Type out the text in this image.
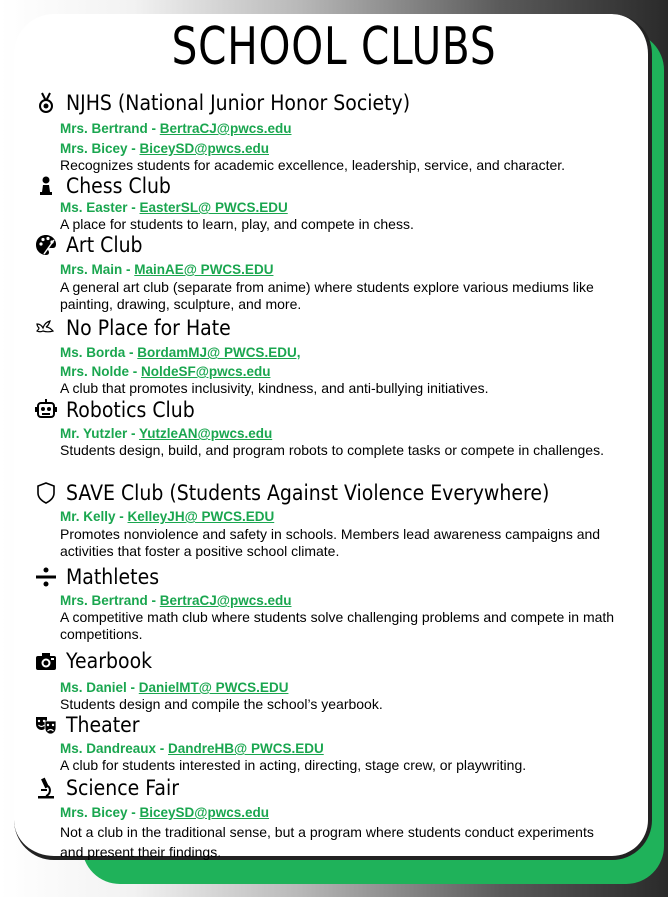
SCHOOL CLUBS
NJHS (National Junior Honor Society)
Mrs. Bertrand - BertraCJ@pwcs.edu
Mrs. Bicey - BiceySD@pwcs.edu
Recognizes students for academic excellence, leadership, service, and character.
Chess Club
Ms. Easter - EasterSL@ PWCS.EDU
A place for students to learn, play, and compete in chess.
Art Club
Mrs. Main - MainAE@ PWCS.EDU
A general art club (separate from anime) where students explore various mediums like painting, drawing, sculpture, and more.
No Place for Hate
Ms. Borda - BordamMJ@ PWCS.EDU,
Mrs. Nolde - NoldeSF@pwcs.edu
A club that promotes inclusivity, kindness, and anti-bullying initiatives.
Robotics Club
Mr. Yutzler - YutzleAN@pwcs.edu
Students design, build, and program robots to complete tasks or compete in challenges.
SAVE Club (Students Against Violence Everywhere)
Mr. Kelly - KelleyJH@ PWCS.EDU
Promotes nonviolence and safety in schools. Members lead awareness campaigns and activities that foster a positive school climate.
Mathletes
Mrs. Bertrand - BertraCJ@pwcs.edu
A competitive math club where students solve challenging problems and compete in math competitions.
Yearbook
Ms. Daniel - DanielMT@ PWCS.EDU
Students design and compile the school’s yearbook.
Theater
Ms. Dandreaux - DandreHB@ PWCS.EDU
A club for students interested in acting, directing, stage crew, or playwriting.
Science Fair
Mrs. Bicey - BiceySD@pwcs.edu
Not a club in the traditional sense, but a program where students conduct experiments and present their findings.
